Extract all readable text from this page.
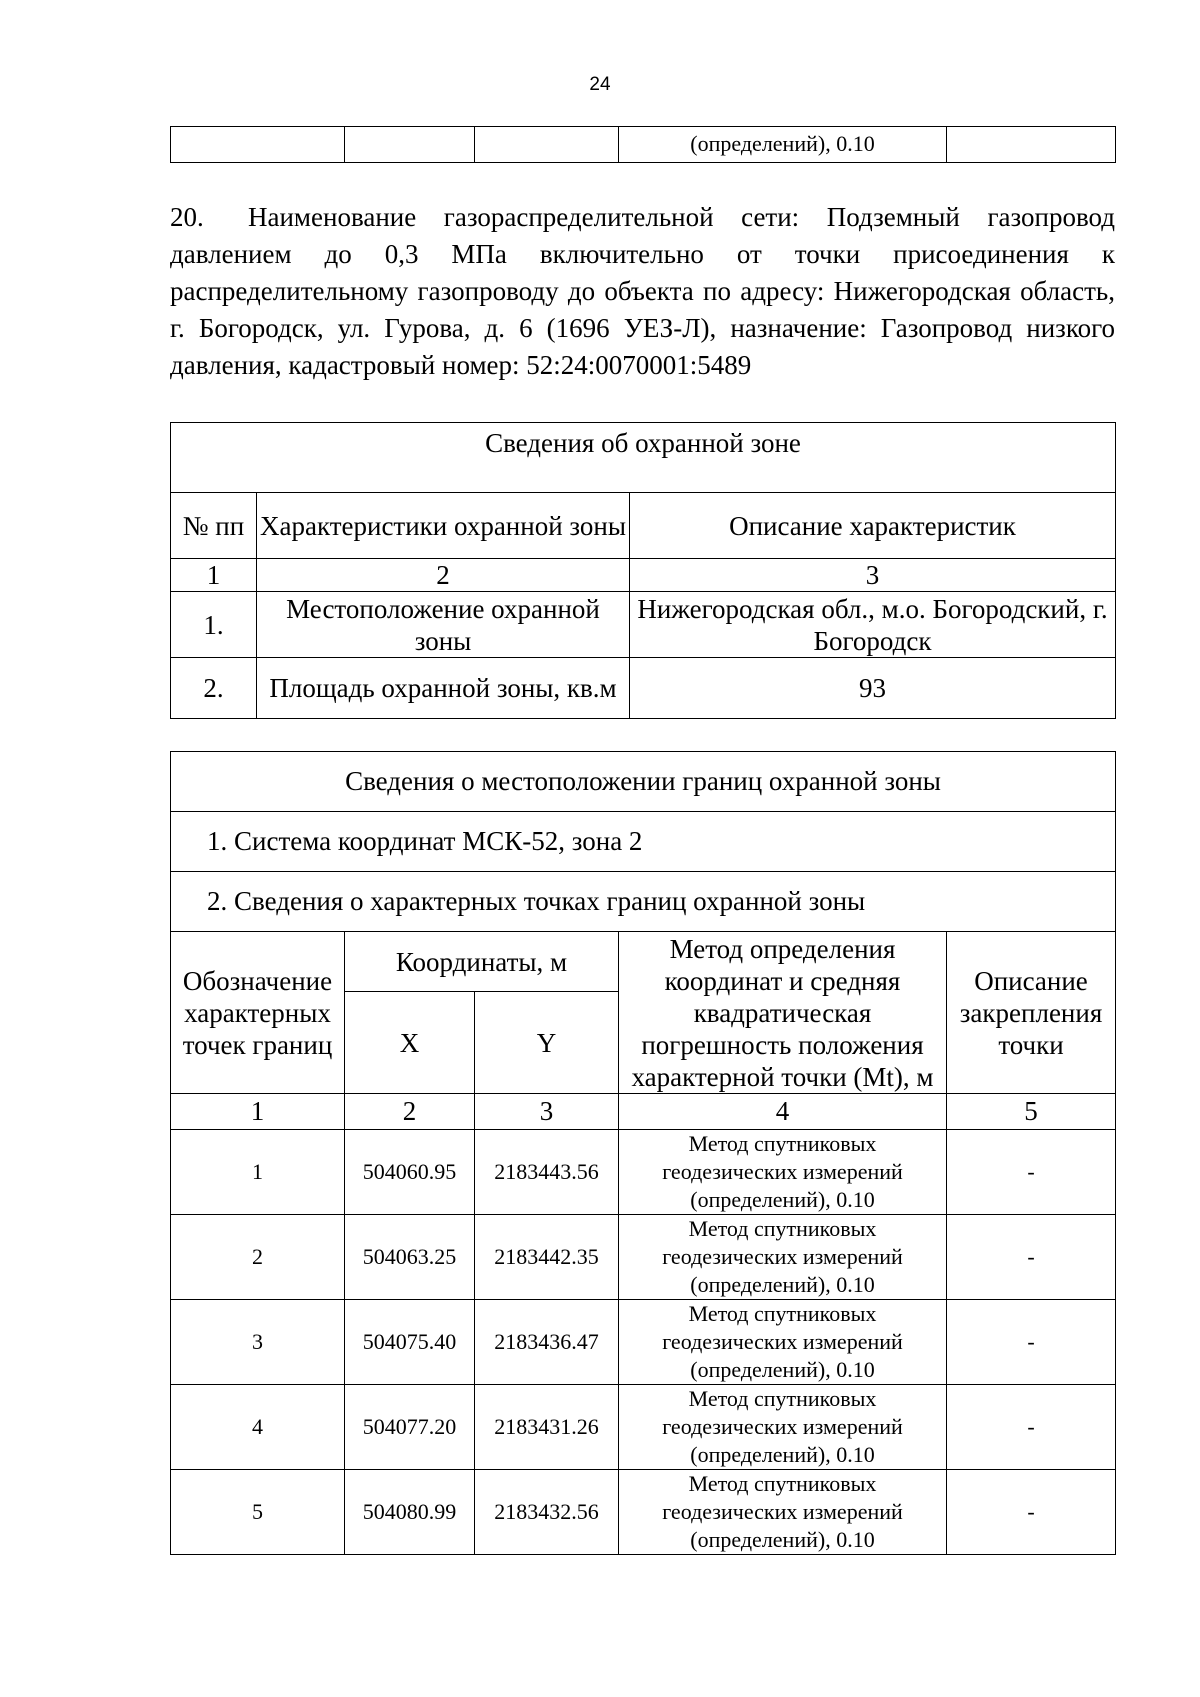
24
			(определений), 0.10	

20. Наименование газораспределительной сети: Подземный газопровод давлением до 0,3 МПа включительно от точки присоединения к распределительному газопроводу до объекта по адресу: Нижегородская область, г. Богородск, ул. Гурова, д. 6 (1696 УЕЗ-Л), назначение: Газопровод низкого давления, кадастровый номер: 52:24:0070001:5489

Сведения об охранной зоне		
№ пп	Характеристики охранной зоны	Описание характеристик
1	2	3
1.	Местоположение охранной зоны	Нижегородская обл., м.о. Богородский, г. Богородск
2.	Площадь охранной зоны, кв.м	93
Сведения о местоположении границ охранной зоны				
1. Система координат МСК-52, зона 2				
2. Сведения о характерных точках границ охранной зоны				
Обозначение характерных точек границ	Координаты, м		Метод определения координат и средняя квадратическая погрешность положения характерной точки (Mt), м	Описание закрепления точки
	X	Y		
1	2	3	4	5
1	504060.95	2183443.56	Метод спутниковых геодезических измерений (определений), 0.10	-
2	504063.25	2183442.35	Метод спутниковых геодезических измерений (определений), 0.10	-
3	504075.40	2183436.47	Метод спутниковых геодезических измерений (определений), 0.10	-
4	504077.20	2183431.26	Метод спутниковых геодезических измерений (определений), 0.10	-
5	504080.99	2183432.56	Метод спутниковых геодезических измерений (определений), 0.10	-
